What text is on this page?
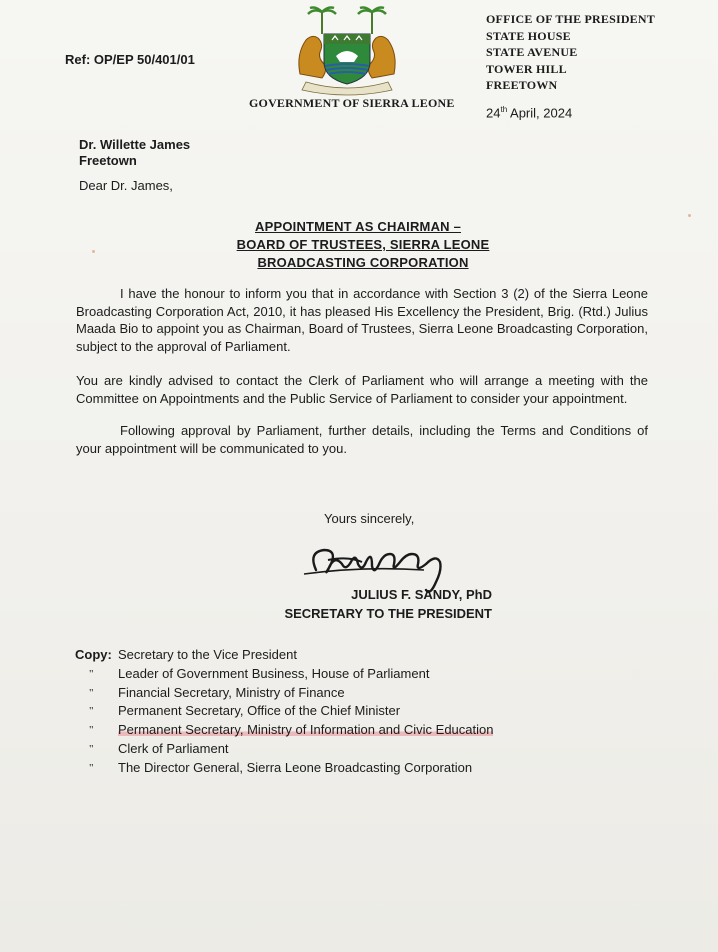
Ref: OP/EP 50/401/01
OFFICE OF THE PRESIDENT
STATE HOUSE
STATE AVENUE
TOWER HILL
FREETOWN
GOVERNMENT OF SIERRA LEONE
24th April, 2024
Dr. Willette James
Freetown
Dear Dr. James,
APPOINTMENT AS CHAIRMAN –
BOARD OF TRUSTEES, SIERRA LEONE
BROADCASTING CORPORATION
I have the honour to inform you that in accordance with Section 3 (2) of the Sierra Leone Broadcasting Corporation Act, 2010, it has pleased His Excellency the President, Brig. (Rtd.) Julius Maada Bio to appoint you as Chairman, Board of Trustees, Sierra Leone Broadcasting Corporation, subject to the approval of Parliament.
You are kindly advised to contact the Clerk of Parliament who will arrange a meeting with the Committee on Appointments and the Public Service of Parliament to consider your appointment.
Following approval by Parliament, further details, including the Terms and Conditions of your appointment will be communicated to you.
Yours sincerely,
JULIUS F. SANDY, PhD
SECRETARY TO THE PRESIDENT
Copy: Secretary to the Vice President
"	Leader of Government Business, House of Parliament
"	Financial Secretary, Ministry of Finance
"	Permanent Secretary, Office of the Chief Minister
"	Permanent Secretary, Ministry of Information and Civic Education
"	Clerk of Parliament
"	The Director General, Sierra Leone Broadcasting Corporation
